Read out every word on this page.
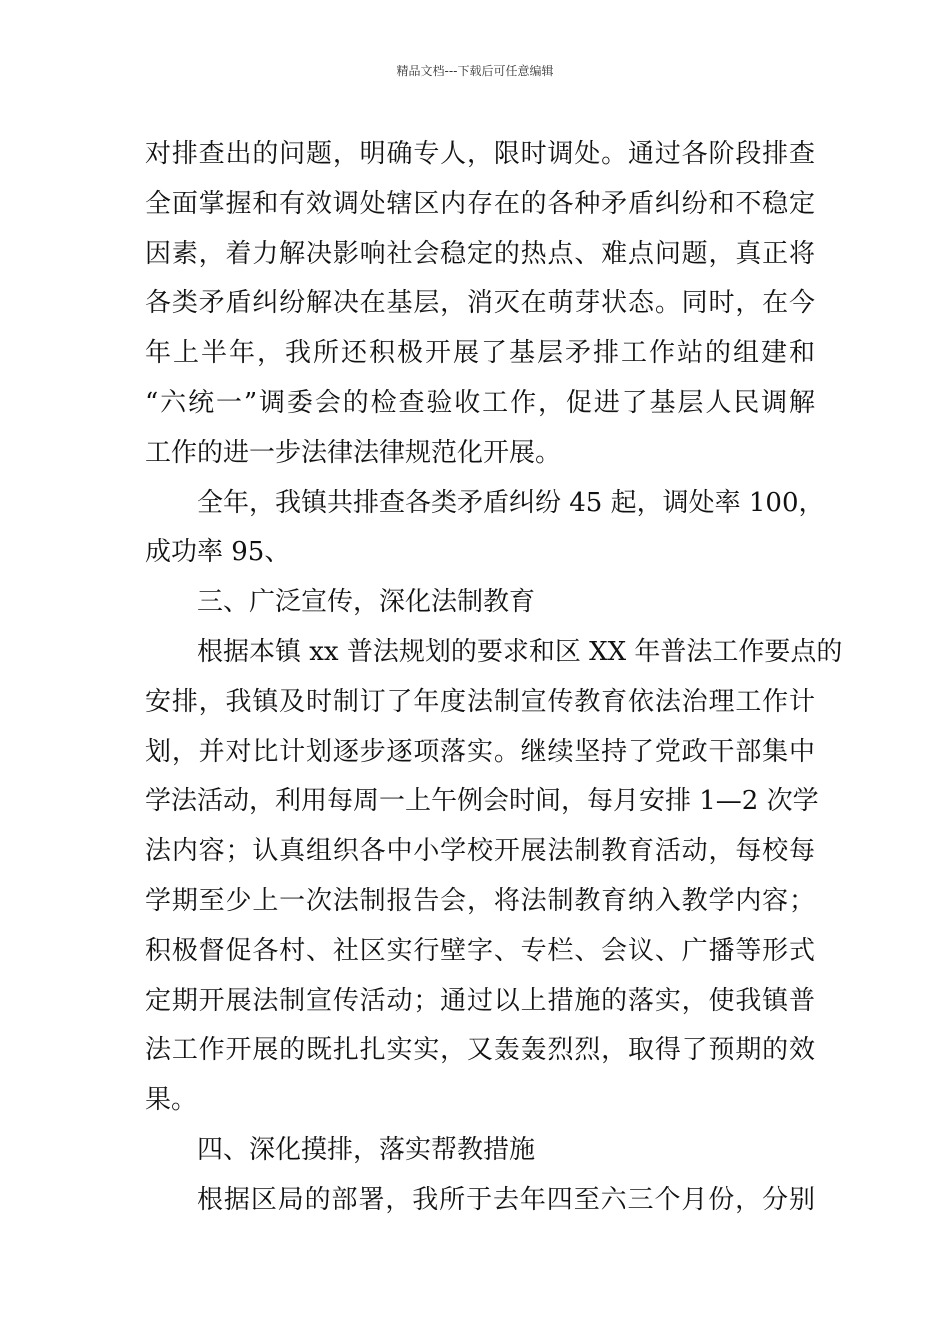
精品文档---下载后可任意编辑
对排查出的问题，明确专人，限时调处。通过各阶段排查
全面掌握和有效调处辖区内存在的各种矛盾纠纷和不稳定
因素，着力解决影响社会稳定的热点、难点问题，真正将
各类矛盾纠纷解决在基层，消灭在萌芽状态。同时，在今
年上半年，我所还积极开展了基层矛排工作站的组建和
“六统一”调委会的检查验收工作，促进了基层人民调解
工作的进一步法律法律规范化开展。
全年，我镇共排查各类矛盾纠纷 45 起，调处率 100，
成功率 95、
三、广泛宣传，深化法制教育
根据本镇 xx 普法规划的要求和区 XX 年普法工作要点的
安排，我镇及时制订了年度法制宣传教育依法治理工作计
划，并对比计划逐步逐项落实。继续坚持了党政干部集中
学法活动，利用每周一上午例会时间，每月安排 1—2 次学
法内容；认真组织各中小学校开展法制教育活动，每校每
学期至少上一次法制报告会，将法制教育纳入教学内容；
积极督促各村、社区实行壁字、专栏、会议、广播等形式
定期开展法制宣传活动；通过以上措施的落实，使我镇普
法工作开展的既扎扎实实，又轰轰烈烈，取得了预期的效
果。
四、深化摸排，落实帮教措施
根据区局的部署，我所于去年四至六三个月份，分别
